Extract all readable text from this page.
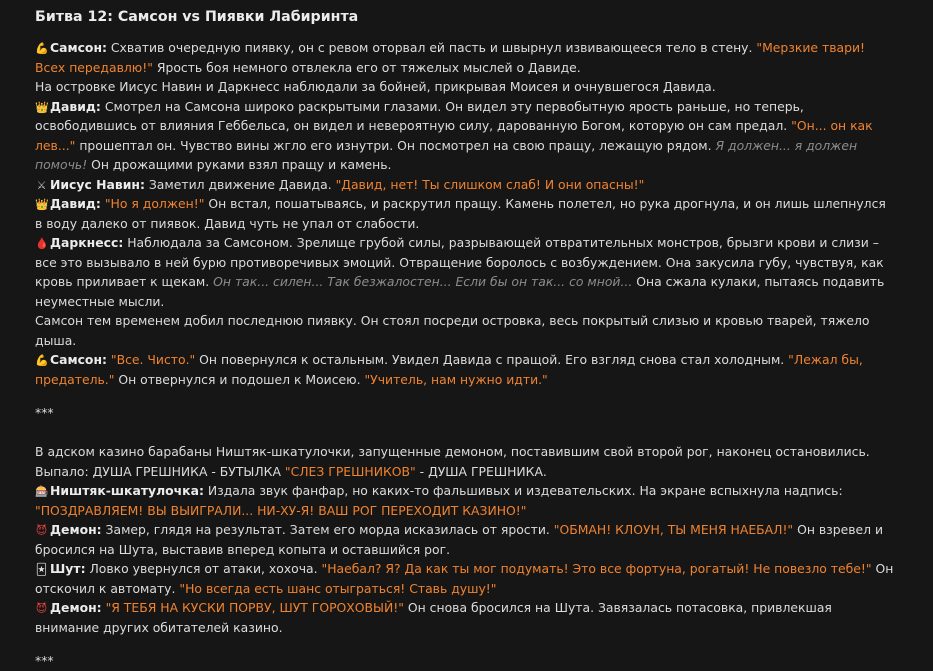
Битва 12: Самсон vs Пиявки Лабиринта

💪Самсон: Схватив очередную пиявку, он с ревом оторвал ей пасть и швырнул извивающееся тело в стену. "Мерзкие твари! Всех передавлю!" Ярость боя немного отвлекла его от тяжелых мыслей о Давиде.

На островке Иисус Навин и Даркнесс наблюдали за бойней, прикрывая Моисея и очнувшегося Давида.

👑Давид: Смотрел на Самсона широко раскрытыми глазами. Он видел эту первобытную ярость раньше, но теперь, освободившись от влияния Геббельса, он видел и невероятную силу, дарованную Богом, которую он сам предал. "Он... он как лев..." прошептал он. Чувство вины жгло его изнутри. Он посмотрел на свою пращу, лежащую рядом. Я должен... я должен помочь! Он дрожащими руками взял пращу и камень.

⚔ Иисус Навин: Заметил движение Давида. "Давид, нет! Ты слишком слаб! И они опасны!"

👑Давид: "Но я должен!" Он встал, пошатываясь, и раскрутил пращу. Камень полетел, но рука дрогнула, и он лишь шлепнулся в воду далеко от пиявок. Давид чуть не упал от слабости.

🩸Даркнесс: Наблюдала за Самсоном. Зрелище грубой силы, разрывающей отвратительных монстров, брызги крови и слизи – все это вызывало в ней бурю противоречивых эмоций. Отвращение боролось с возбуждением. Она закусила губу, чувствуя, как кровь приливает к щекам. Он так... силен... Так безжалостен... Если бы он так... со мной... Она сжала кулаки, пытаясь подавить неуместные мысли.

Самсон тем временем добил последнюю пиявку. Он стоял посреди островка, весь покрытый слизью и кровью тварей, тяжело дыша.

💪Самсон: "Все. Чисто." Он повернулся к остальным. Увидел Давида с пращой. Его взгляд снова стал холодным. "Лежал бы, предатель." Он отвернулся и подошел к Моисею. "Учитель, нам нужно идти."

***

В адском казино барабаны Ништяк-шкатулочки, запущенные демоном, поставившим свой второй рог, наконец остановились. Выпало: ДУША ГРЕШНИКА - БУТЫЛКА "СЛЕЗ ГРЕШНИКОВ" - ДУША ГРЕШНИКА.

🎰Ништяк-шкатулочка: Издала звук фанфар, но каких-то фальшивых и издевательских. На экране вспыхнула надпись: "ПОЗДРАВЛЯЕМ! ВЫ ВЫИГРАЛИ... НИ-ХУ-Я! ВАШ РОГ ПЕРЕХОДИТ КАЗИНО!"

😈 Демон: Замер, глядя на результат. Затем его морда исказилась от ярости. "ОБМАН! КЛОУН, ТЫ МЕНЯ НАЕБАЛ!" Он взревел и бросился на Шута, выставив вперед копыта и оставшийся рог.

🃏 Шут: Ловко увернулся от атаки, хохоча. "Наебал? Я? Да как ты мог подумать! Это все фортуна, рогатый! Не повезло тебе!" Он отскочил к автомату. "Но всегда есть шанс отыграться! Ставь душу!"

😈 Демон: "Я ТЕБЯ НА КУСКИ ПОРВУ, ШУТ ГОРОХОВЫЙ!" Он снова бросился на Шута. Завязалась потасовка, привлекшая внимание других обитателей казино.

***
